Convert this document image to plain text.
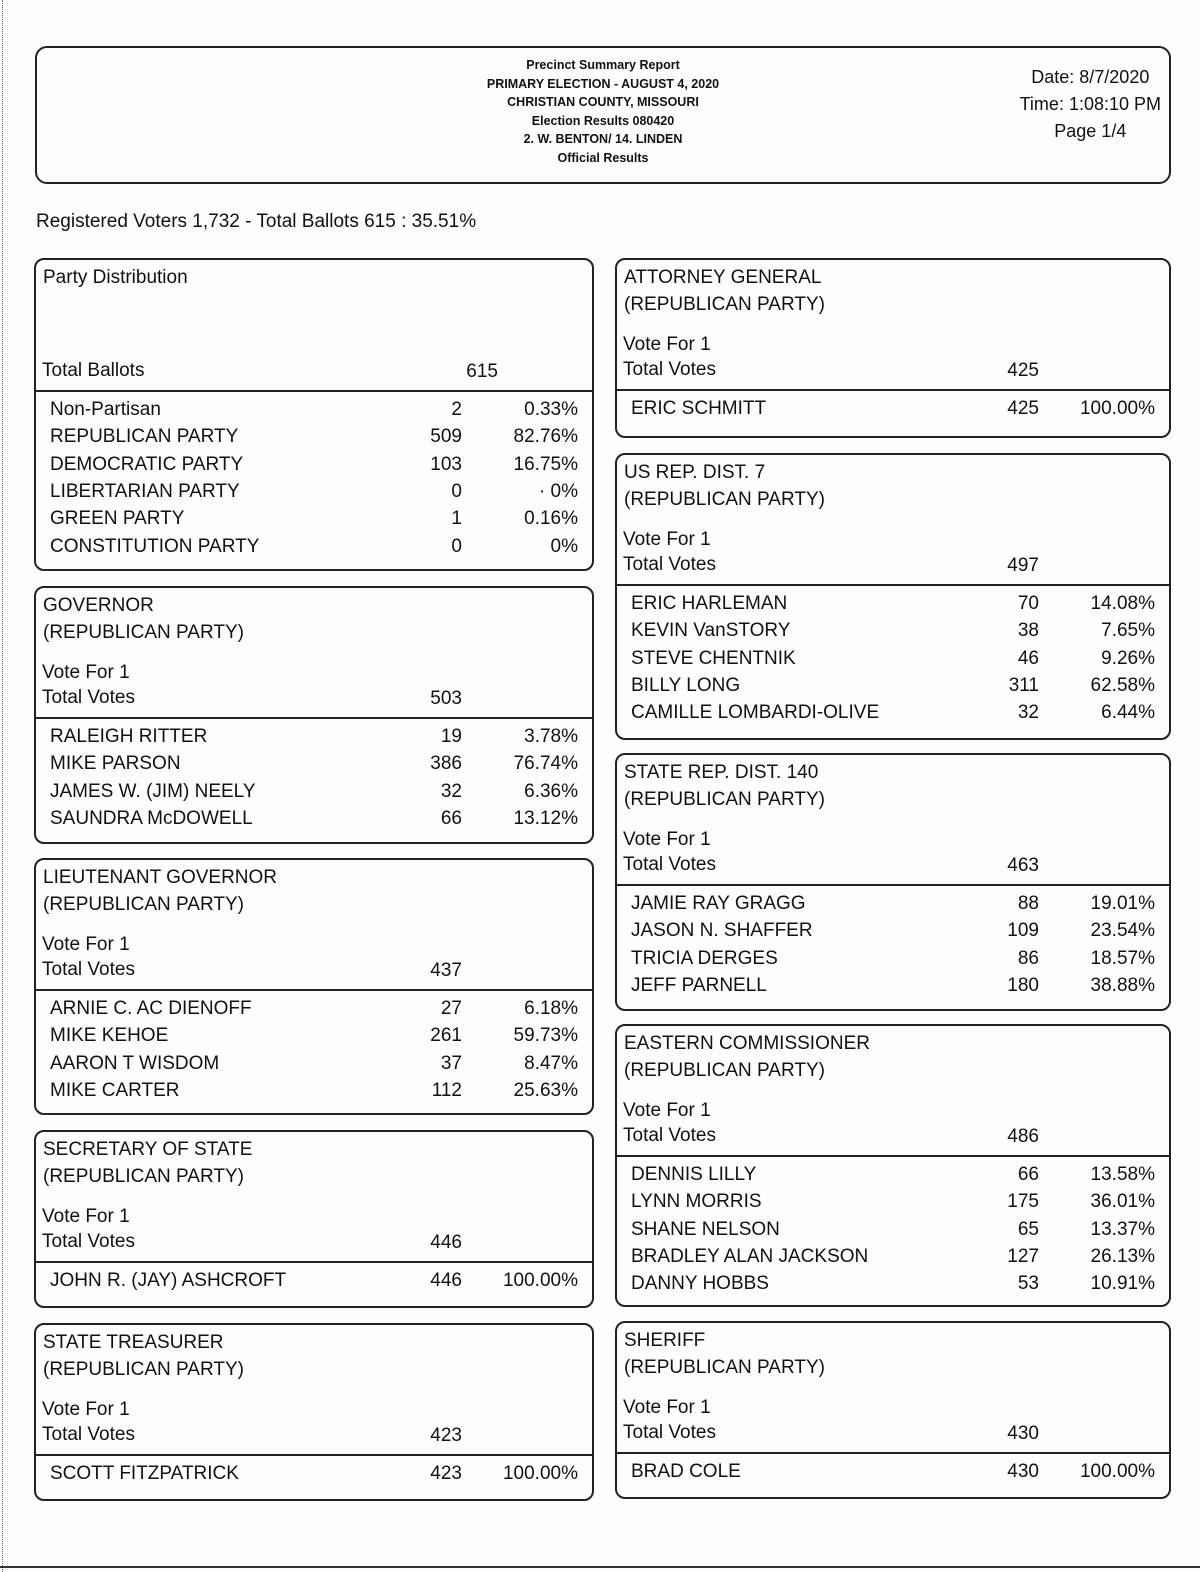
Precinct Summary Report
PRIMARY ELECTION - AUGUST 4, 2020
CHRISTIAN COUNTY, MISSOURI
Election Results 080420
2. W. BENTON/ 14. LINDEN
Official Results
Date: 8/7/2020
Time: 1:08:10 PM
Page 1/4
Registered Voters 1,732 - Total Ballots 615 : 35.51%
Party Distribution
Total Ballots	615
Non-Partisan	2	0.33%
REPUBLICAN PARTY	509	82.76%
DEMOCRATIC PARTY	103	16.75%
LIBERTARIAN PARTY	0	· 0%
GREEN PARTY	1	0.16%
CONSTITUTION PARTY	0	0%
GOVERNOR
(REPUBLICAN PARTY)
Vote For 1
Total Votes	503
RALEIGH RITTER	19	3.78%
MIKE PARSON	386	76.74%
JAMES W. (JIM) NEELY	32	6.36%
SAUNDRA McDOWELL	66	13.12%
LIEUTENANT GOVERNOR
(REPUBLICAN PARTY)
Vote For 1
Total Votes	437
ARNIE C. AC DIENOFF	27	6.18%
MIKE KEHOE	261	59.73%
AARON T WISDOM	37	8.47%
MIKE CARTER	112	25.63%
SECRETARY OF STATE
(REPUBLICAN PARTY)
Vote For 1
Total Votes	446
JOHN R. (JAY) ASHCROFT	446 100.00%
STATE TREASURER
(REPUBLICAN PARTY)
Vote For 1
Total Votes	423
SCOTT FITZPATRICK	423 100.00%
ATTORNEY GENERAL
(REPUBLICAN PARTY)
Vote For 1
Total Votes	425
ERIC SCHMITT	425 100.00%
US REP. DIST. 7
(REPUBLICAN PARTY)
Vote For 1
Total Votes	497
ERIC HARLEMAN	70	14.08%
KEVIN VanSTORY	38	7.65%
STEVE CHENTNIK	46	9.26%
BILLY LONG	311	62.58%
CAMILLE LOMBARDI-OLIVE	32	6.44%
STATE REP. DIST. 140
(REPUBLICAN PARTY)
Vote For 1
Total Votes	463
JAMIE RAY GRAGG	88	19.01%
JASON N. SHAFFER	109	23.54%
TRICIA DERGES	86	18.57%
JEFF PARNELL	180	38.88%
EASTERN COMMISSIONER
(REPUBLICAN PARTY)
Vote For 1
Total Votes	486
DENNIS LILLY	66	13.58%
LYNN MORRIS	175	36.01%
SHANE NELSON	65	13.37%
BRADLEY ALAN JACKSON	127	26.13%
DANNY HOBBS	53	10.91%
SHERIFF
(REPUBLICAN PARTY)
Vote For 1
Total Votes	430
BRAD COLE	430 100.00%
